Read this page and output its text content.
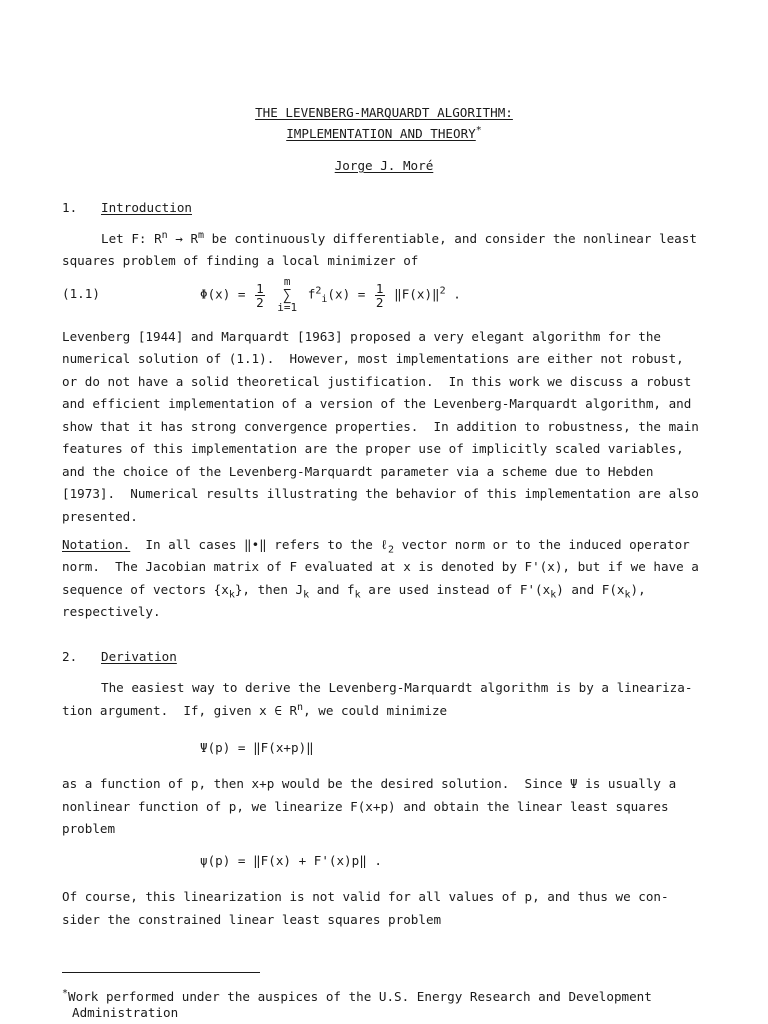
THE LEVENBERG-MARQUARDT ALGORITHM:
IMPLEMENTATION AND THEORY*
Jorge J. Moré
1. Introduction
Let F: $R^n \to R^m$ be continuously differentiable, and consider the nonlinear least
squares problem of finding a local minimizer of
(1.1)	$\Phi(x) = \frac{1}{2}$ m
∑
i=1 $f^2_i(x) = \frac{1}{2}$ ‖F(x)‖$^2$ .
Levenberg [1944] and Marquardt [1963] proposed a very elegant algorithm for the
numerical solution of (1.1).  However, most implementations are either not robust,
or do not have a solid theoretical justification.  In this work we discuss a robust
and efficient implementation of a version of the Levenberg-Marquardt algorithm, and
show that it has strong convergence properties.  In addition to robustness, the main
features of this implementation are the proper use of implicitly scaled variables,
and the choice of the Levenberg-Marquardt parameter via a scheme due to Hebden
[1973].  Numerical results illustrating the behavior of this implementation are also
presented.
Notation.  In all cases ‖•‖ refers to the ℓ$_2$ vector norm or to the induced operator
norm.  The Jacobian matrix of F evaluated at x is denoted by F'(x), but if we have a
sequence of vectors $\{x_k\}$, then $J_k$ and $f_k$ are used instead of $F'(x_k)$ and $F(x_k)$,
respectively.
2. Derivation
The easiest way to derive the Levenberg-Marquardt algorithm is by a lineariza-
tion argument.  If, given x ∈ $R^n$, we could minimize
Ψ(p) = ‖F(x+p)‖
as a function of p, then x+p would be the desired solution.  Since Ψ is usually a
nonlinear function of p, we linearize F(x+p) and obtain the linear least squares
problem
ψ(p) = ‖F(x) + F'(x)p‖ .
Of course, this linearization is not valid for all values of p, and thus we con-
sider the constrained linear least squares problem
*Work performed under the auspices of the U.S. Energy Research and Development
Administration
